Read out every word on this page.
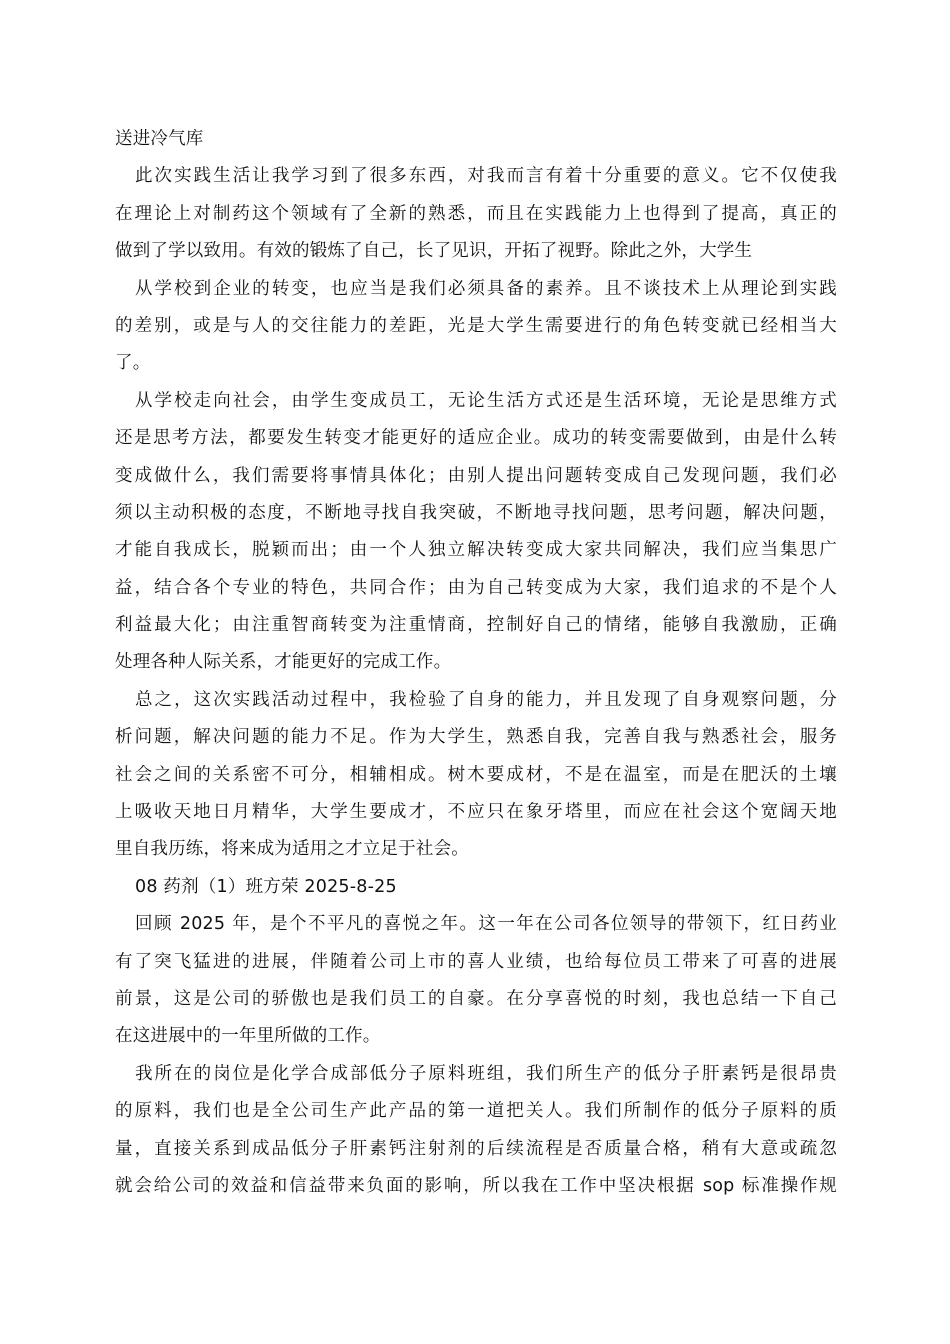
送进冷气库
此次实践生活让我学习到了很多东西，对我而言有着十分重要的意义。它不仅使我
在理论上对制药这个领域有了全新的熟悉，而且在实践能力上也得到了提高，真正的
做到了学以致用。有效的锻炼了自己，长了见识，开拓了视野。除此之外，大学生
从学校到企业的转变，也应当是我们必须具备的素养。且不谈技术上从理论到实践
的差别，或是与人的交往能力的差距，光是大学生需要进行的角色转变就已经相当大
了。
从学校走向社会，由学生变成员工，无论生活方式还是生活环境，无论是思维方式
还是思考方法，都要发生转变才能更好的适应企业。成功的转变需要做到，由是什么转
变成做什么，我们需要将事情具体化；由别人提出问题转变成自己发现问题，我们必
须以主动积极的态度，不断地寻找自我突破，不断地寻找问题，思考问题，解决问题，
才能自我成长，脱颖而出；由一个人独立解决转变成大家共同解决，我们应当集思广
益，结合各个专业的特色，共同合作；由为自己转变成为大家，我们追求的不是个人
利益最大化；由注重智商转变为注重情商，控制好自己的情绪，能够自我激励，正确
处理各种人际关系，才能更好的完成工作。
总之，这次实践活动过程中，我检验了自身的能力，并且发现了自身观察问题，分
析问题，解决问题的能力不足。作为大学生，熟悉自我，完善自我与熟悉社会，服务
社会之间的关系密不可分，相辅相成。树木要成材，不是在温室，而是在肥沃的土壤
上吸收天地日月精华，大学生要成才，不应只在象牙塔里，而应在社会这个宽阔天地
里自我历练，将来成为适用之才立足于社会。
08 药剂（1）班方荣 2025-8-25
回顾 2025 年，是个不平凡的喜悦之年。这一年在公司各位领导的带领下，红日药业
有了突飞猛进的进展，伴随着公司上市的喜人业绩，也给每位员工带来了可喜的进展
前景，这是公司的骄傲也是我们员工的自豪。在分享喜悦的时刻，我也总结一下自己
在这进展中的一年里所做的工作。
我所在的岗位是化学合成部低分子原料班组，我们所生产的低分子肝素钙是很昂贵
的原料，我们也是全公司生产此产品的第一道把关人。我们所制作的低分子原料的质
量，直接关系到成品低分子肝素钙注射剂的后续流程是否质量合格，稍有大意或疏忽
就会给公司的效益和信益带来负面的影响，所以我在工作中坚决根据 sop 标准操作规
